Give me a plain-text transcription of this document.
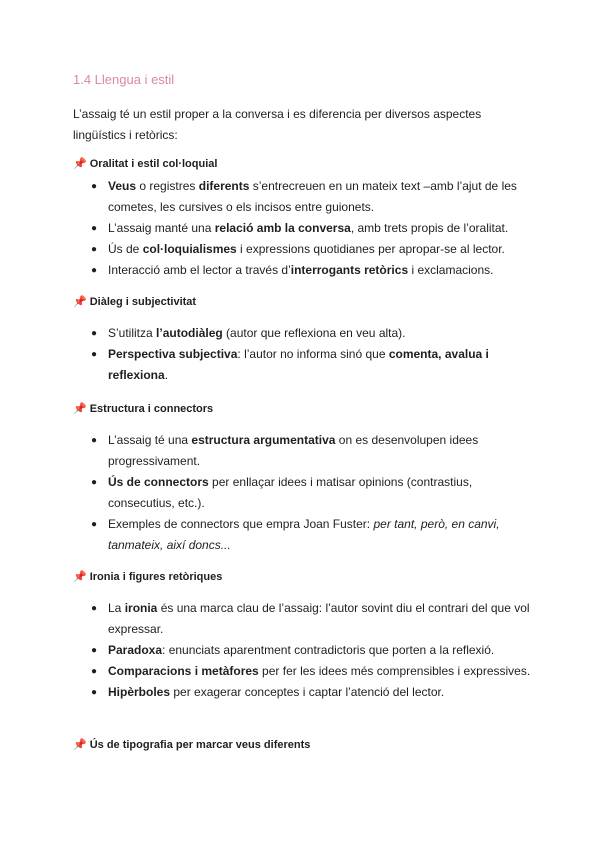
1.4 Llengua i estil

L’assaig té un estil proper a la conversa i es diferencia per diversos aspectes lingüístics i retòrics:

📌 Oralitat i estil col·loquial
● Veus o registres diferents s’entrecreuen en un mateix text –amb l’ajut de les cometes, les cursives o els incisos entre guionets.
● L’assaig manté una relació amb la conversa, amb trets propis de l’oralitat.
● Ús de col·loquialismes i expressions quotidianes per apropar-se al lector.
● Interacció amb el lector a través d’interrogants retòrics i exclamacions.
📌 Diàleg i subjectivitat
● S’utilitza l’autodiàleg (autor que reflexiona en veu alta).
● Perspectiva subjectiva: l’autor no informa sinó que comenta, avalua i reflexiona.
📌 Estructura i connectors
● L’assaig té una estructura argumentativa on es desenvolupen idees progressivament.
● Ús de connectors per enllaçar idees i matisar opinions (contrastius, consecutius, etc.).
● Exemples de connectors que empra Joan Fuster: per tant, però, en canvi, tanmateix, així doncs...
📌 Ironia i figures retòriques
● La ironia és una marca clau de l’assaig: l’autor sovint diu el contrari del que vol expressar.
● Paradoxa: enunciats aparentment contradictoris que porten a la reflexió.
● Comparacions i metàfores per fer les idees més comprensibles i expressives.
● Hipèrboles per exagerar conceptes i captar l’atenció del lector.
📌 Ús de tipografia per marcar veus diferents
